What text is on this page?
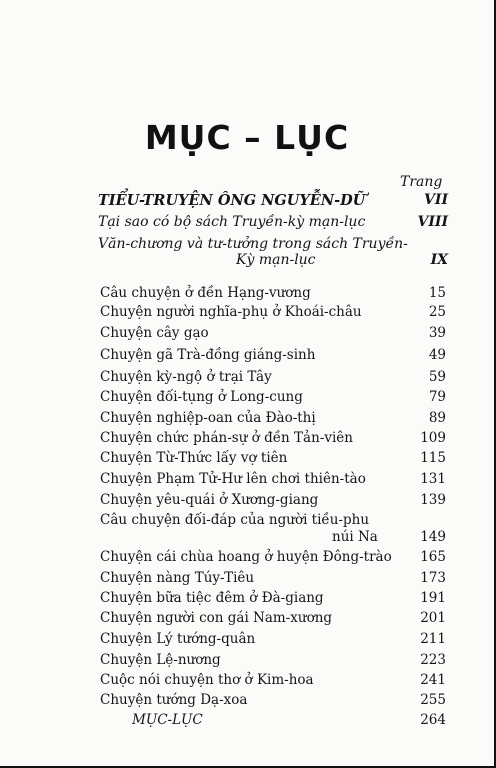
MỤC – LỤC
Trang
TIỂU-TRUYỆN ÔNG NGUYỄN-DỮ	VII
Tại sao có bộ sách Truyền-kỳ mạn-lục	VIII
Văn-chương và tư-tưởng trong sách Truyền-
Kỳ mạn-lục	IX
Câu chuyện ở đền Hạng-vương	15
Chuyện người nghĩa-phụ ở Khoái-châu	25
Chuyện cây gạo	39
Chuyện gã Trà-đồng giáng-sinh	49
Chuyện kỳ-ngộ ở trại Tây	59
Chuyện đối-tụng ở Long-cung	79
Chuyện nghiệp-oan của Đào-thị	89
Chuyện chức phán-sự ở đền Tản-viên	109
Chuyện Từ-Thức lấy vợ tiên	115
Chuyện Phạm Tử-Hư lên chơi thiên-tào	131
Chuyện yêu-quái ở Xương-giang	139
Câu chuyện đối-đáp của người tiều-phu
núi Na	149
Chuyện cái chùa hoang ở huyện Đông-trào 165
Chuyện nàng Túy-Tiêu	173
Chuyện bữa tiệc đêm ở Đà-giang	191
Chuyện người con gái Nam-xương	201
Chuyện Lý tướng-quân	211
Chuyện Lệ-nương	223
Cuộc nói chuyện thơ ở Kim-hoa	241
Chuyện tướng Dạ-xoa	255
MỤC-LỤC	264
